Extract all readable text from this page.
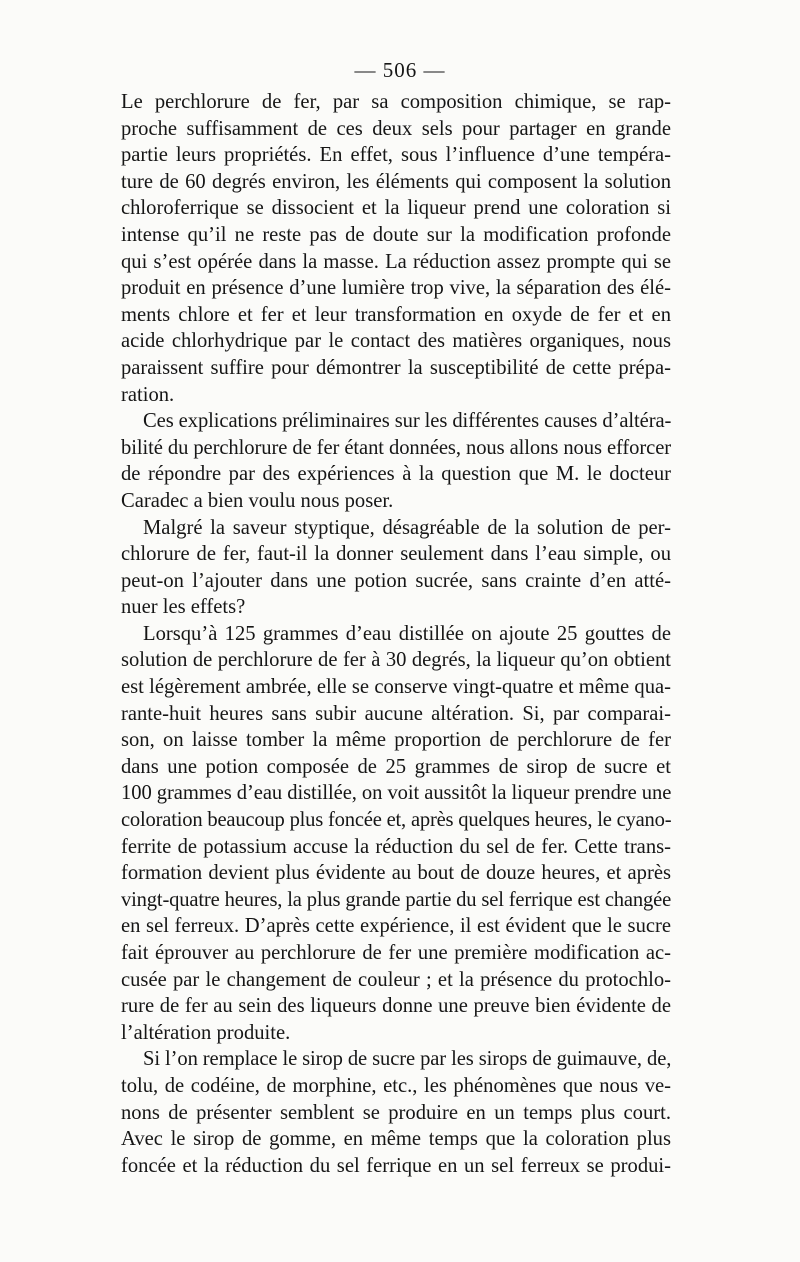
— 506 —
Le perchlorure de fer, par sa composition chimique, se rap-
proche suffisamment de ces deux sels pour partager en grande
partie leurs propriétés. En effet, sous l’influence d’une tempéra-
ture de 60 degrés environ, les éléments qui composent la solution
chloroferrique se dissocient et la liqueur prend une coloration si
intense qu’il ne reste pas de doute sur la modification profonde
qui s’est opérée dans la masse. La réduction assez prompte qui se
produit en présence d’une lumière trop vive, la séparation des élé-
ments chlore et fer et leur transformation en oxyde de fer et en
acide chlorhydrique par le contact des matières organiques, nous
paraissent suffire pour démontrer la susceptibilité de cette prépa-
ration.
Ces explications préliminaires sur les différentes causes d’altéra-
bilité du perchlorure de fer étant données, nous allons nous efforcer
de répondre par des expériences à la question que M. le docteur
Caradec a bien voulu nous poser.
Malgré la saveur styptique, désagréable de la solution de per-
chlorure de fer, faut-il la donner seulement dans l’eau simple, ou
peut-on l’ajouter dans une potion sucrée, sans crainte d’en atté-
nuer les effets?
Lorsqu’à 125 grammes d’eau distillée on ajoute 25 gouttes de
solution de perchlorure de fer à 30 degrés, la liqueur qu’on obtient
est légèrement ambrée, elle se conserve vingt-quatre et même qua-
rante-huit heures sans subir aucune altération. Si, par comparai-
son, on laisse tomber la même proportion de perchlorure de fer
dans une potion composée de 25 grammes de sirop de sucre et
100 grammes d’eau distillée, on voit aussitôt la liqueur prendre une
coloration beaucoup plus foncée et, après quelques heures, le cyano-
ferrite de potassium accuse la réduction du sel de fer. Cette trans-
formation devient plus évidente au bout de douze heures, et après
vingt-quatre heures, la plus grande partie du sel ferrique est changée
en sel ferreux. D’après cette expérience, il est évident que le sucre
fait éprouver au perchlorure de fer une première modification ac-
cusée par le changement de couleur ; et la présence du protochlo-
rure de fer au sein des liqueurs donne une preuve bien évidente de
l’altération produite.
Si l’on remplace le sirop de sucre par les sirops de guimauve, de,
tolu, de codéine, de morphine, etc., les phénomènes que nous ve-
nons de présenter semblent se produire en un temps plus court.
Avec le sirop de gomme, en même temps que la coloration plus
foncée et la réduction du sel ferrique en un sel ferreux se produi-
